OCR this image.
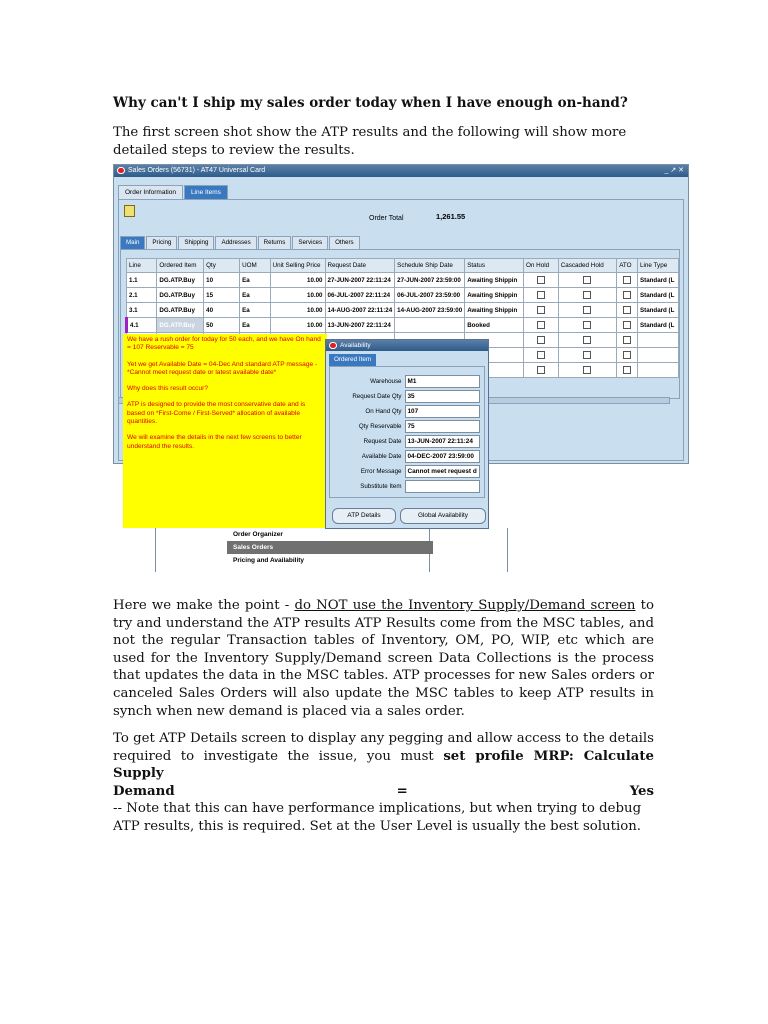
Why can't I ship my sales order today when I have enough on-hand?
The first screen shot show the ATP results and the following will show more
detailed steps to review the results.
Sales Orders (56731) - AT47 Universal Card	_ ↗ ✕
Order Information	Line Items
Order Total	1,261.55
Main	Pricing	Shipping	Addresses	Returns	Services	Others
Line	Ordered Item	Qty	UOM	Unit Selling Price	Request Date	Schedule Ship Date	Status	On Hold	Cascaded Hold	ATO	Line Type
1.1	DG.ATP.Buy	10	Ea	10.00	27-JUN-2007 22:11:24	27-JUN-2007 23:59:00	Awaiting Shippin				Standard (L
2.1	DG.ATP.Buy	15	Ea	10.00	06-JUL-2007 22:11:24	06-JUL-2007 23:59:00	Awaiting Shippin				Standard (L
3.1	DG.ATP.Buy	40	Ea	10.00	14-AUG-2007 22:11:24	14-AUG-2007 23:59:00	Awaiting Shippin				Standard (L
4.1	DG.ATP.Buy	50	Ea	10.00	13-JUN-2007 22:11:24		Booked				Standard (L

Order Organizer
Sales Orders
Pricing and Availability

We have a rush order for today for 50 each, and we have On hand = 107 Reservable = 75

Yet we get Available Date = 04-Dec And standard ATP message - *Cannot meet request date or latest available date*

Why does this result occur?

ATP is designed to provide the most conservative date and is based on *First-Come / First-Served* allocation of available quantities.

We will examine the details in the next few screens to better understand the results.

Availability
Ordered Item
Warehouse M1
Request Date Qty 35
On Hand Qty 107
Qty Reservable 75
Request Date 13-JUN-2007 22:11:24
Available Date 04-DEC-2007 23:59:00
Error Message Cannot meet request d
Substitute Item
ATP Details	Global Availability
Here we make the point - do NOT use the Inventory Supply/Demand screen to try and understand the ATP results ATP Results come from the MSC tables, and not the regular Transaction tables of Inventory, OM, PO, WIP, etc which are used for the Inventory Supply/Demand screen Data Collections is the process that updates the data in the MSC tables. ATP processes for new Sales orders or canceled Sales Orders will also update the MSC tables to keep ATP results in synch when new demand is placed via a sales order.
To get ATP Details screen to display any pegging and allow access to the details required to investigate the issue, you must set profile MRP: Calculate Supply
Demand	=	Yes
-- Note that this can have performance implications, but when trying to debug ATP results, this is required. Set at the User Level is usually the best solution.
